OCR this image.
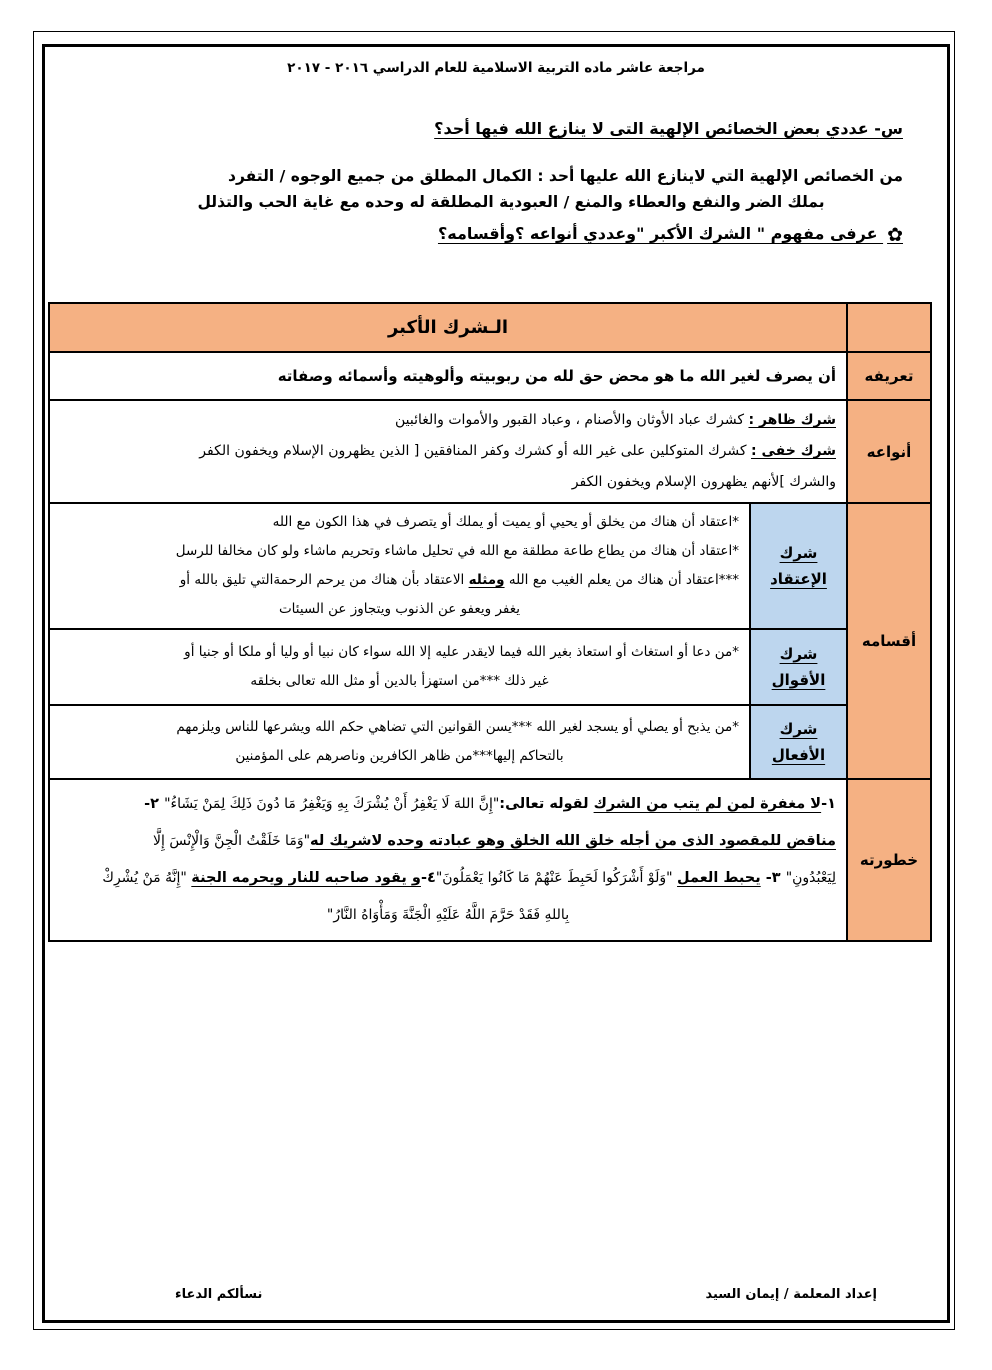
مراجعة عاشر ماده التربية الاسلامية للعام الدراسي ٢٠١٦ - ٢٠١٧
س- عددي بعض الخصائص الإلهية التى لا ينازع الله فيها أحد؟
من الخصائص الإلهية التي لاينازع الله عليها أحد : الكمال المطلق من جميع الوجوه / التفرد
بملك الضر والنفع والعطاء والمنع / العبودية المطلقة له وحده مع غاية الحب والتذلل
✿ عرفى مفهوم " الشرك الأكبر "وعددي أنواعه ؟وأقسامه؟
	الـشرك الأكبر	
تعريفه	أن يصرف لغير الله ما هو محض حق لله من ربوبيته وألوهيته وأسمائه وصفاته	

أنواعه	شرك ظاهر : كشرك عباد الأوثان والأصنام ، وعباد القبور والأموات والغائبين
شرك خفى : كشرك المتوكلين على غير الله أو كشرك وكفر المنافقين [ الذين يظهرون الإسلام ويخفون الكفر
والشرك ]لأنهم يظهرون الإسلام ويخفون الكفر	

أقسامه	شرك الإعتقاد	*اعتقاد أن هناك من يخلق أو يحيي أو يميت أو يملك أو يتصرف في هذا الكون مع الله
*اعتقاد أن هناك من يطاع طاعة مطلقة مع الله في تحليل ماشاء وتحريم ماشاء ولو كان مخالفا للرسل
***اعتقاد أن هناك من يعلم الغيب مع الله ومثله الاعتقاد بأن هناك من يرحم الرحمةالتي تليق بالله أو
يغفر ويعفو عن الذنوب ويتجاوز عن السيئات

	شرك الأقوال	*من دعا أو استغاث أو استعاذ بغير الله فيما لايقدر عليه إلا الله سواء كان نبيا أو وليا أو ملكا أو جنيا أو
غير ذلك ***من استهزأ بالدين أو مثل الله تعالى بخلقه

	شرك الأفعال	*من يذبح أو يصلي أو يسجد لغير الله ***يسن القوانين التي تضاهي حكم الله ويشرعها للناس ويلزمهم
بالتحاكم إليها***من ظاهر الكافرين وناصرهم على المؤمنين

خطورته	١-لا مغفرة لمن لم يتب من الشرك لقوله تعالى:"إِنَّ اللهَ لَا يَغْفِرُ أَنْ يُشْرَكَ بِهِ وَيَغْفِرُ مَا دُونَ ذَلِكَ لِمَنْ يَشَاءُ" ٢-
مناقض للمقصود الذى من أجله خلق الله الخلق وهو عبادته وحده لاشريك له"وَمَا خَلَقْتُ الْجِنَّ وَالْإِنْسَ إِلَّا
لِيَعْبُدُونِ" ٣- يحبط العمل "وَلَوْ أَشْرَكُوا لَحَبِطَ عَنْهُمْ مَا كَانُوا يَعْمَلُونَ"٤-و يقود صاحبه للنار ويحرمه الجنة "إِنَّهُ مَنْ يُشْرِكْ
بِاللهِ فَقَدْ حَرَّمَ اللَّهُ عَلَيْهِ الْجَنَّةَ وَمَأْوَاهُ النَّارُ"	
إعداد المعلمة / إيمان السيد
نسألكم الدعاء
